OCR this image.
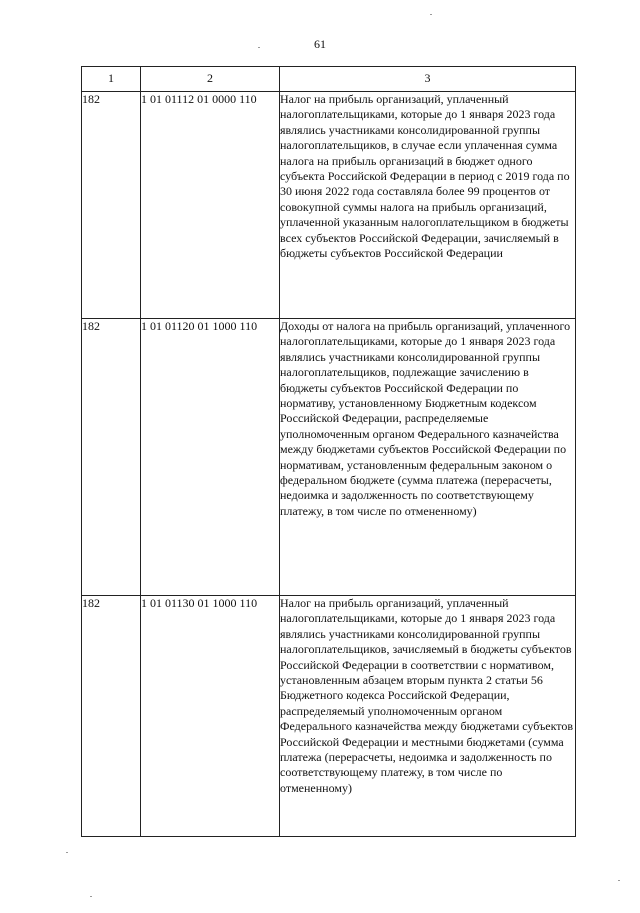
61
1	2	3
182	1 01 01112 01 0000 110	Налог на прибыль организаций, уплаченный налогоплательщиками, которые до 1 января 2023 года являлись участниками консолидированной группы налогоплательщиков, в случае если уплаченная сумма налога на прибыль организаций в бюджет одного субъекта Российской Федерации в период с 2019 года по 30 июня 2022 года составляла более 99 процентов от совокупной суммы налога на прибыль организаций, уплаченной указанным налогоплательщиком в бюджеты всех субъектов Российской Федерации, зачисляемый в бюджеты субъектов Российской Федерации
182	1 01 01120 01 1000 110	Доходы от налога на прибыль организаций, уплаченного налогоплательщиками, которые до 1 января 2023 года являлись участниками консолидированной группы налогоплательщиков, подлежащие зачислению в бюджеты субъектов Российской Федерации по нормативу, установленному Бюджетным кодексом Российской Федерации, распределяемые уполномоченным органом Федерального казначейства между бюджетами субъектов Российской Федерации по нормативам, установленным федеральным законом о федеральном бюджете (сумма платежа (перерасчеты, недоимка и задолженность по соответствующему платежу, в том числе по отмененному)
182	1 01 01130 01 1000 110	Налог на прибыль организаций, уплаченный налогоплательщиками, которые до 1 января 2023 года являлись участниками консолидированной группы налогоплательщиков, зачисляемый в бюджеты субъектов Российской Федерации в соответствии с нормативом, установленным абзацем вторым пункта 2 статьи 56 Бюджетного кодекса Российской Федерации, распределяемый уполномоченным органом Федерального казначейства между бюджетами субъектов Российской Федерации и местными бюджетами (сумма платежа (перерасчеты, недоимка и задолженность по соответствующему платежу, в том числе по отмененному)
